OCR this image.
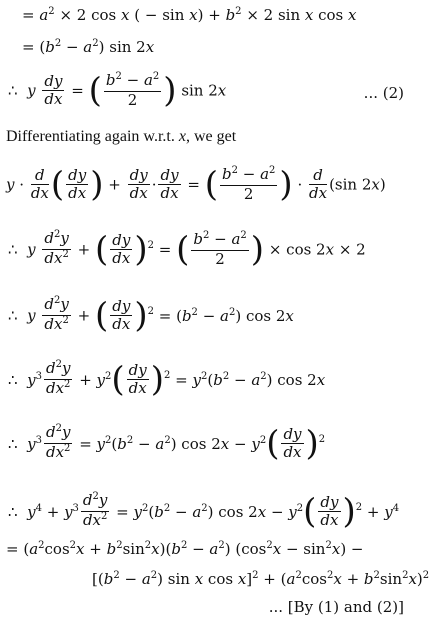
= $a^2 \times 2$ cos x ( − $\sin x) + b^2 \times 2$ sin x cos x
= $(b^2 - a^2)$ sin 2x
∴  y $\frac{dy}{dx}$ = ( $\frac{b^2 - a^2}{2}$ ) sin 2x	... (2)
Differentiating again w.r.t. x, we get
$y \cdot \frac{d}{dx}$ ( $\frac{dy}{dx}$ ) + $\frac{dy}{dx} \cdot \frac{dy}{dx}$ = ( $\frac{b^2 - a^2}{2}$ ) · $\frac{d}{dx} (\sin$ 2x)
∴  y $\frac{d^2y}{dx^2}$ + ( $\frac{dy}{dx} )^2$ = ( $\frac{b^2 - a^2}{2}$ ) × cos 2x × 2
∴  y $\frac{d^2y}{dx^2}$ + ( $\frac{dy}{dx} )^2 = (b^2 - a^2)$ cos 2x
∴  $y^3 \frac{d^2y}{dx^2} + y^2( \frac{dy}{dx} )^2 = y^2(b^2 - a^2)$ cos 2x
∴  $y^3 \frac{d^2y}{dx^2} = y^2(b^2 - a^2)$ $\cos 2x - y^2( \frac{dy}{dx} )^2$
∴  $y^4 + y^3 \frac{d^2y}{dx^2} = y^2(b^2 - a^2)$ $\cos 2x - y^2( \frac{dy}{dx} )^2 + y^4$
= $(a^2\cos^2x + b^2\sin^2x)(b^2 - a^2) (\cos^2x - \sin^2x)$ −
[$(b^2 - a^2)$ sin x $\cos x]^2 + (a^2\cos^2x + b^2\sin^2x)^2$
... [By (1) and (2)]
